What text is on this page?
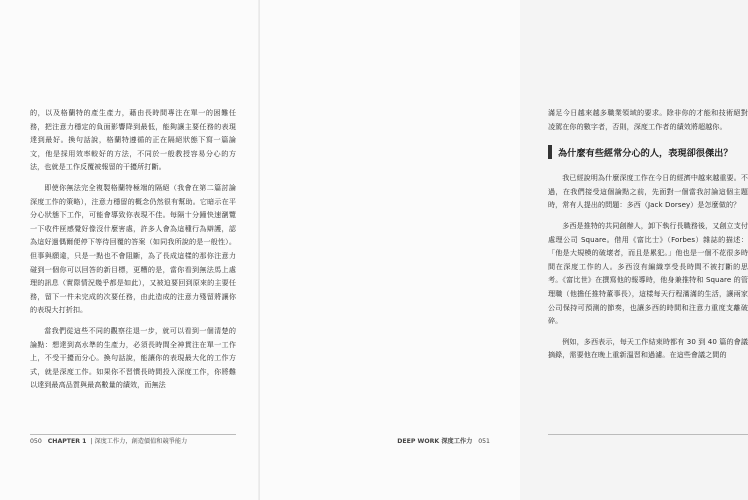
的，以及格蘭特的產生產力，藉由長時間專注在單一的困難任務，把注意力穩定的負面影響降到最低，能夠讓主要任務的表現達到最好。換句話說，格蘭特遵循的正在隔絕狀態下寫一篇論文，他是採用效率較好的方法，不同於一般教授容易分心的方法，也就是工作反覆被報留的干擾所打斷。

即使你無法完全複製格蘭特極端的隔絕（我會在第二篇討論深度工作的策略），注意力穩留的概念仍然很有幫助。它暗示在平分心狀態下工作，可能會導致你表現不佳。每隔十分鐘快速瀏覽一下收件匣感覺好像沒什麼害處，許多人會為這種行為辯護，認為這好過偶爾便停下等待回覆的答案（如同我所說的是一般性）。但事與願違，只是一點也不會阻斷，為了長成這樣的那你注意力碰到一個你可以回答的新目標，更糟的是，當你看到無法馬上處理的訊息（實際情況幾乎都是如此），又被迫要回到原來的主要任務，留下一件未完成的次要任務，由此造成的注意力殘留將讓你的表現大打折扣。

當我們從這些不同的觀察往退一步，就可以看到一個清楚的論點：想達到高水準的生產力，必須長時間全神貫注在單一工作上，不受干擾而分心。換句話說，能讓你的表現最大化的工作方式，就是深度工作。如果你不習慣長時間投入深度工作，你將難以達到最高品質與最高數量的績效，而無法

050 CHAPTER 1  | 深度工作力，創造價值和競爭能力

滿足今日越來越多職業領域的要求。除非你的才能和技術絕對凌駕在你的數字者，否則，深度工作者的績效將超越你。

為什麼有些經常分心的人，表現卻很傑出？

我已經說明為什麼深度工作在今日的經濟中越來越重要。不過，在我們接受這個論點之前，先面對一個當我討論這個主題時，常有人提出的問題：多西（Jack Dorsey）是怎麼做的？

多西是推特的共同創辦人，卸下執行長職務後，又創立支付處理公司 Square。借用《富比士》（Forbes）雜誌的描述：「他是大規模的破壞者，而且是累犯。」他也是一個不花很多時間在深度工作的人。多西沒有編織享受長時間不被打斷的思考。《富比世》在撰寫他的報導時，他身兼推特和 Square 的管理職（他擔任推特董事長），這樣每天行程滿滿的生活，讓兩家公司保持可預測的節奏，也讓多西的時間和注意力重度支離破碎。

例如，多西表示，每天工作結束時都有 30 到 40 篇的會議摘錄，需要他在晚上重新溫習和過濾。在這些會議之間的

DEEP WORK 深度工作力 051
